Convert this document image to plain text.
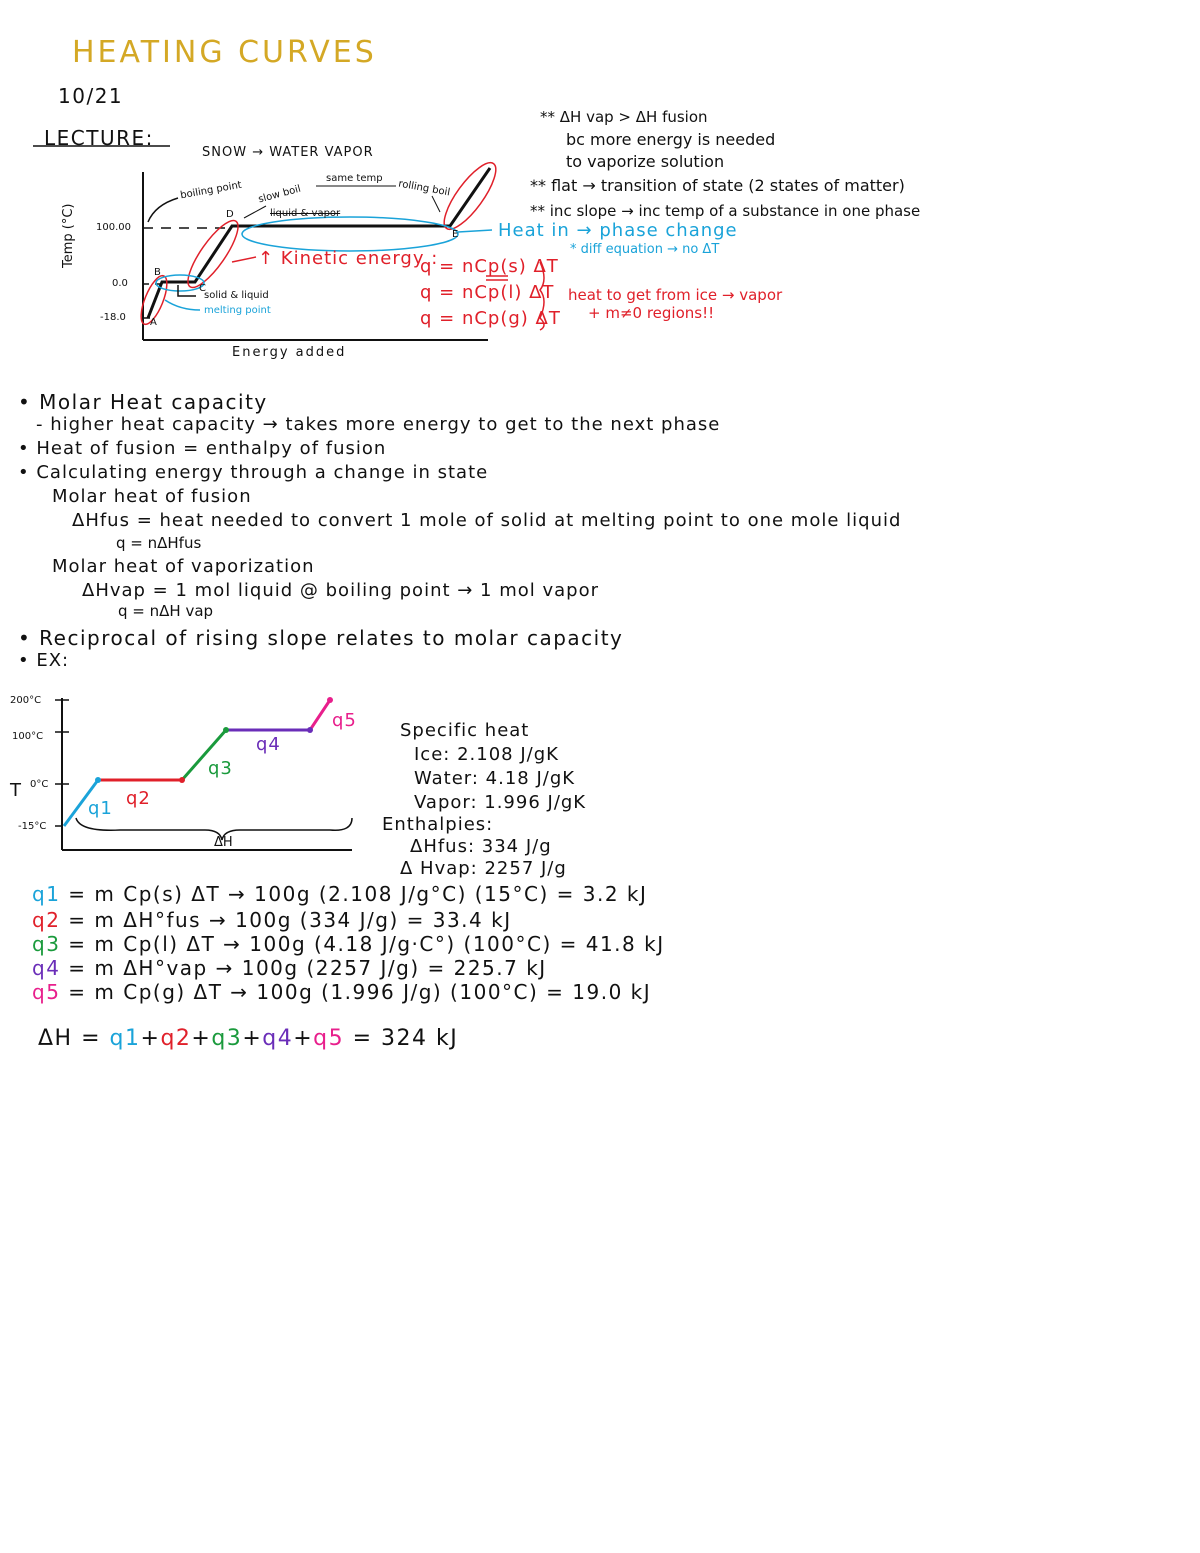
HEATING CURVES
10/21
LECTURE:
SNOW → WATER VAPOR
Temp (°C)
Energy added
100.00
0.0
-18.0 A
B
C
D
E
boiling point slow boil
same temp
rolling boil
liquid & vapor
solid & liquid
melting point
Heat in → phase change
* diff equation → no ΔT
↑ Kinetic energy :
q = nCp(s) ΔT
q = nCp(l) ΔT
q = nCp(g) ΔT
heat to get from ice → vapor
+ m≠0 regions!!
** ΔH vap > ΔH fusion
bc more energy is needed
to vaporize solution
** flat → transition of state (2 states of matter)
** inc slope → inc temp of a substance in one phase
• Molar Heat capacity
- higher heat capacity → takes more energy to get to the next phase
• Heat of fusion = enthalpy of fusion
• Calculating energy through a change in state
Molar heat of fusion
ΔHfus = heat needed to convert 1 mole of solid at melting point to one mole liquid
q = nΔHfus
Molar heat of vaporization
ΔHvap = 1 mol liquid @ boiling point → 1 mol vapor
q = nΔH vap
• Reciprocal of rising slope relates to molar capacity
• EX:
200°C
100°C
0°C
-15°C
T
q1 q2
q3
q4
q5
ΔH
Specific heat
Ice: 2.108 J/gK
Water: 4.18 J/gK
Vapor: 1.996 J/gK
Enthalpies:
ΔHfus: 334 J/g
Δ Hvap: 2257 J/g
q1 = m Cp(s) ΔT → 100g (2.108 J/g°C) (15°C) = 3.2 kJ
q2 = m ΔH°fus → 100g (334 J/g) = 33.4 kJ
q3 = m Cp(l) ΔT → 100g (4.18 J/g·C°) (100°C) = 41.8 kJ
q4 = m ΔH°vap → 100g (2257 J/g) = 225.7 kJ
q5 = m Cp(g) ΔT → 100g (1.996 J/g) (100°C) = 19.0 kJ
ΔH = q1+q2+q3+q4+q5 = 324 kJ
